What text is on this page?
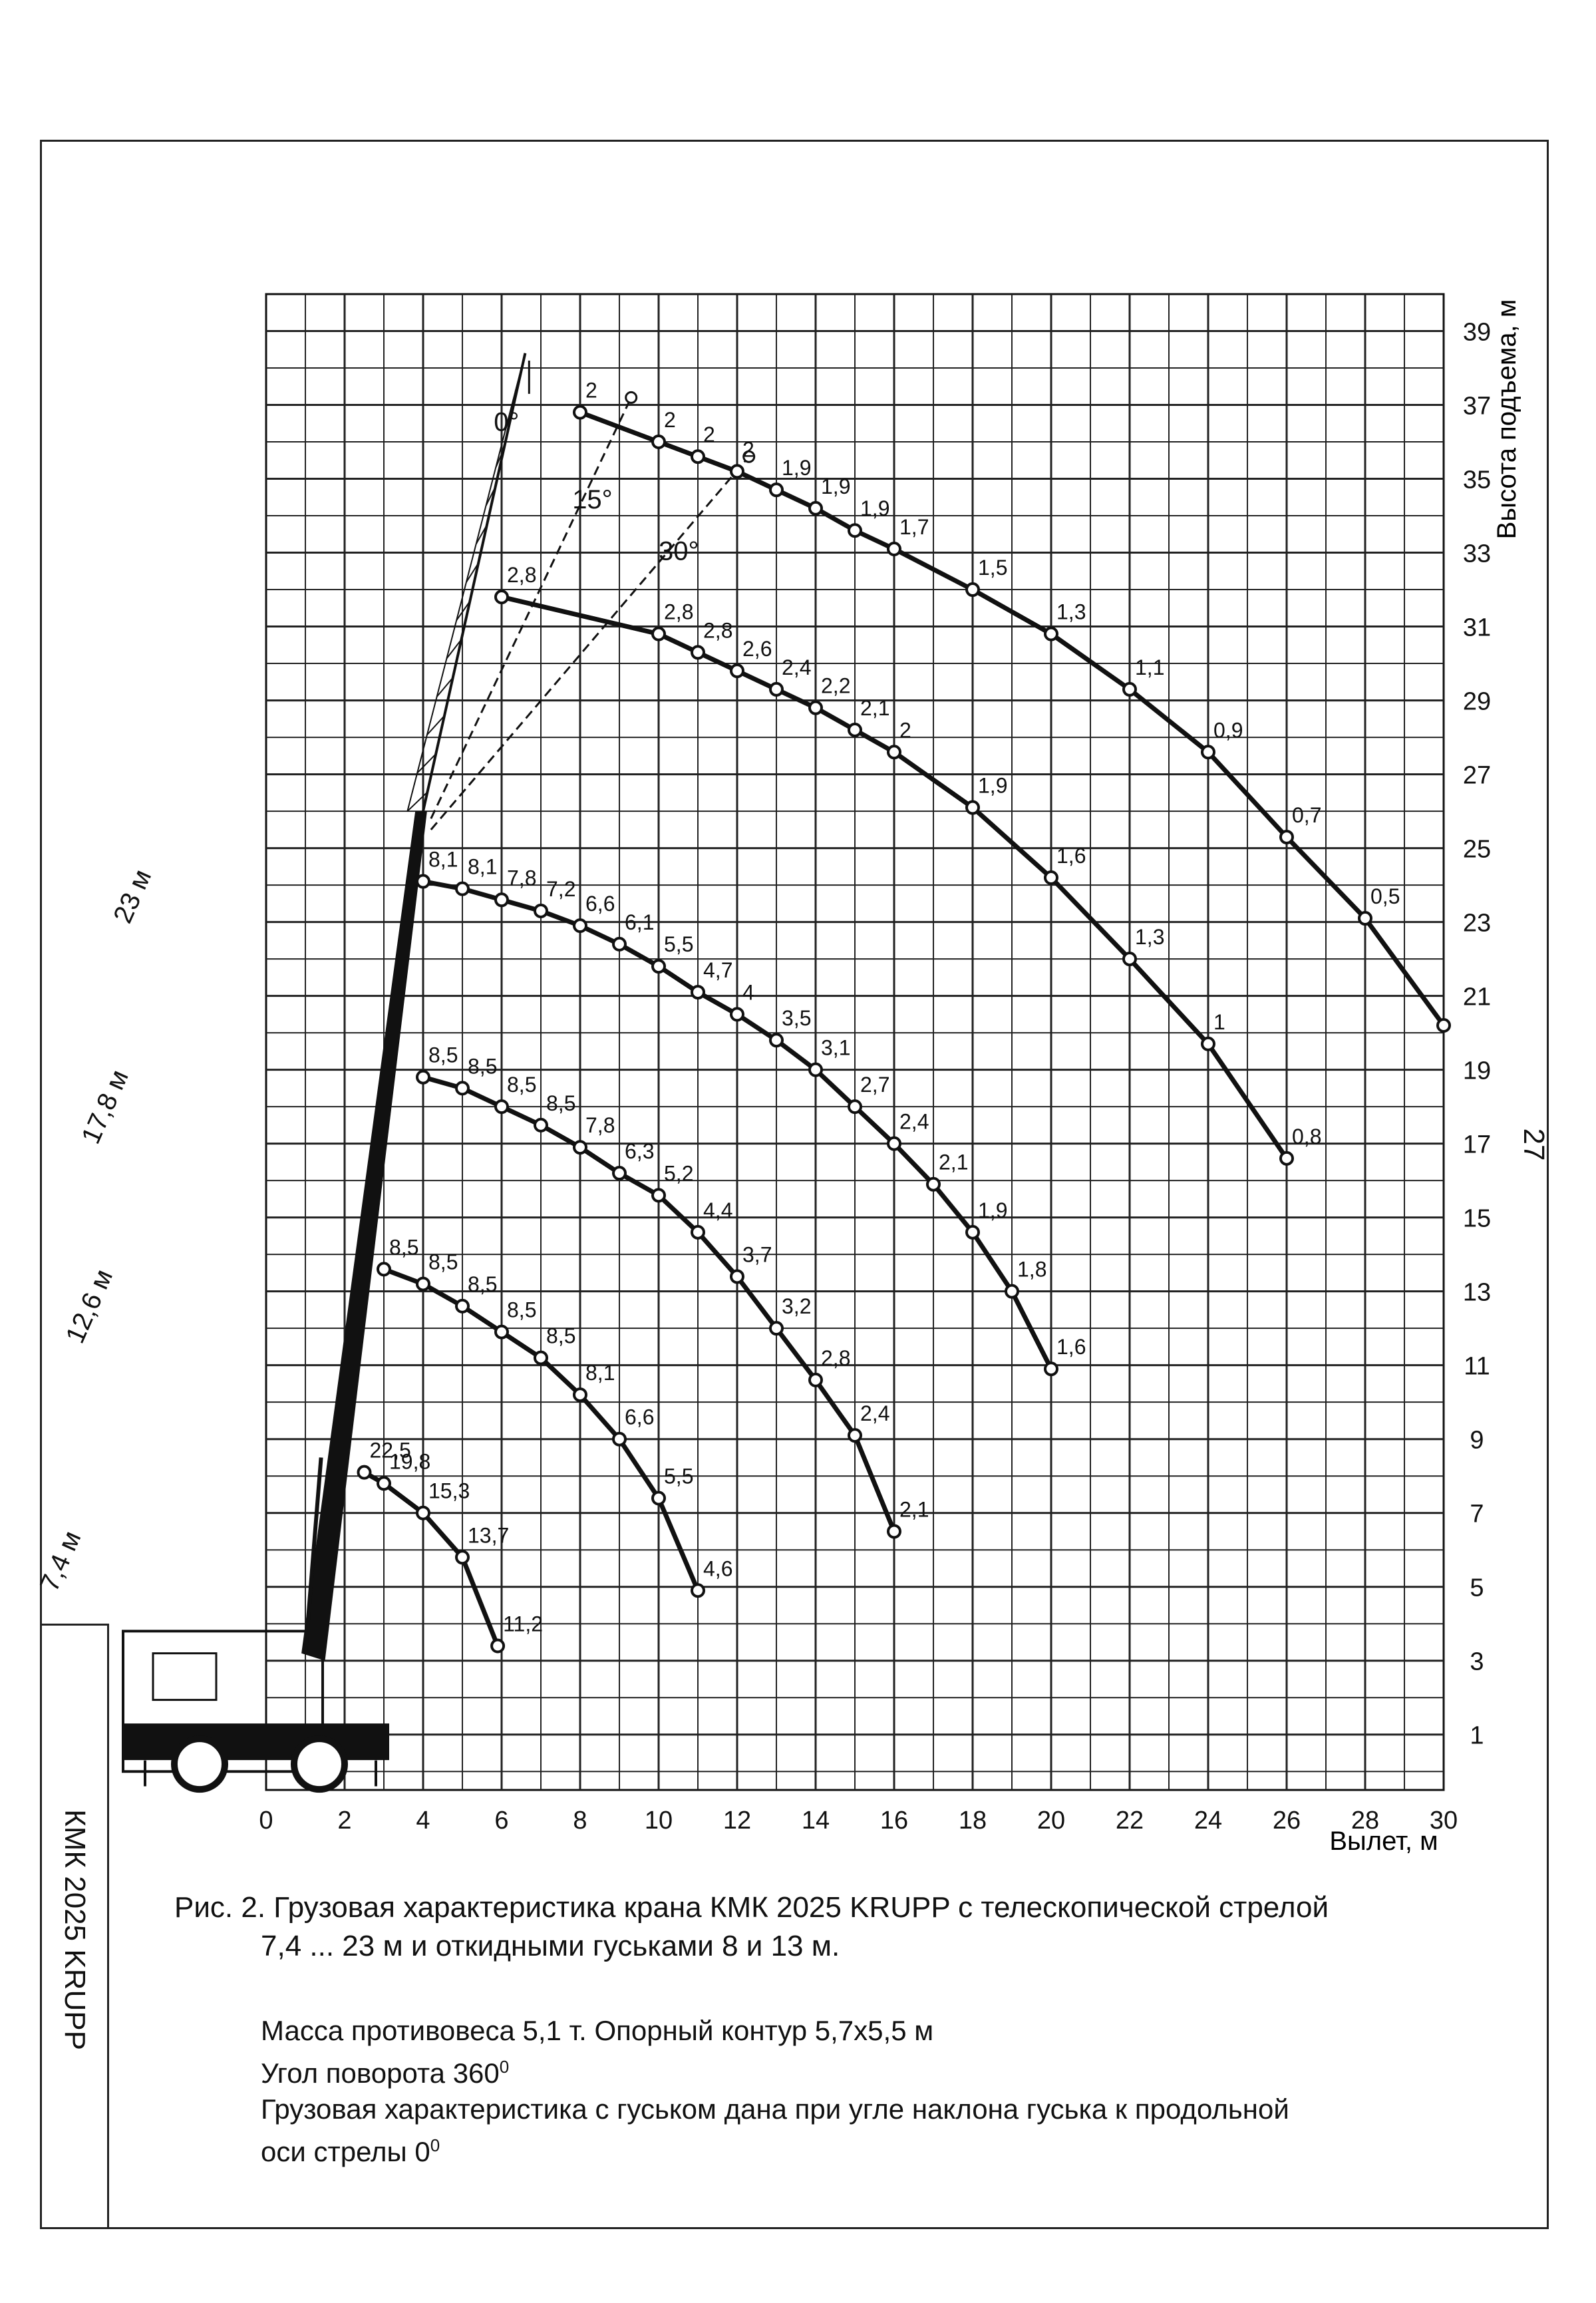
КМК 2025 KRUPP
27
7,4 м
12,6 м
17,8 м
23 м
0°
15°
30°
22,5
19,8
15,3
13,7
11,2
8,5
8,5
8,5
8,5
8,5
8,1
6,6
5,5
4,6
8,5 8,5
8,5
8,5
7,8
6,3
5,2
4,4
3,7
3,2
2,8
2,4
2,1
8,1 8,1 7,8 7,2
6,6
6,1
5,5
4,7
4
3,5
3,1
2,7
2,4
2,1
1,9
1,8
1,6
2,8
2,8
2,8
2,6
2,4
2,2
2,1
2
1,9
1,6
1,3
1
0,8
2
2
2
2
1,9
1,9
1,9
1,7
1,5
1,3
1,1
0,9
0,7
0,5
0	2	4	6	8 10 12 14 16 18 20 22 24 26 28 30
1
3
5
7
9
11
13
15
17
19
21
23
25
27
29
31
33
35
37
39 Высота подъема, м
Вылет, м
Рис. 2. Грузовая характеристика крана КМК 2025 KRUPP с телескопической стрелой
7,4 ... 23 м и откидными гуськами 8 и 13 м.
Масса противовеса 5,1 т. Опорный контур 5,7х5,5 м
Угол поворота $360^0$
Грузовая характеристика с гуськом дана при угле наклона гуська к продольной
оси стрелы $0^0$
